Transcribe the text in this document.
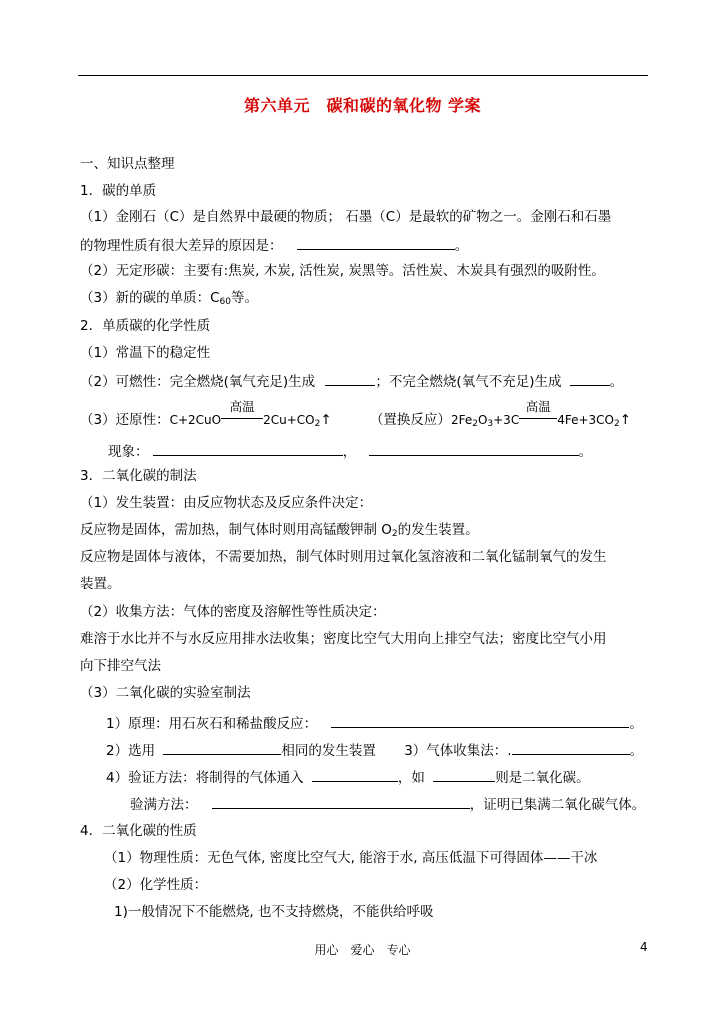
第六单元　碳和碳的氧化物 学案
一、知识点整理
1．碳的单质
（1）金刚石（C）是自然界中最硬的物质； 石墨（C）是最软的矿物之一。金刚石和石墨
的物理性质有很大差异的原因是：	。
（2）无定形碳：主要有:焦炭, 木炭, 活性炭, 炭黑等。活性炭、木炭具有强烈的吸附性。
（3）新的碳的单质：$C_{60}$等。
2．单质碳的化学性质
（1）常温下的稳定性
（2）可燃性：完全燃烧(氧气充足)生成	；不完全燃烧(氧气不充足)生成	。
（3）还原性：C+2CuO
高温
$2Cu+CO_2↑$	（置换反应）$2Fe_2O_3+3C$
高温
$4Fe+3CO_2↑$
现象：	，	。
3．二氧化碳的制法
（1）发生装置：由反应物状态及反应条件决定：
反应物是固体，需加热，制气体时则用高锰酸钾制 $O_2$的发生装置。
反应物是固体与液体，不需要加热，制气体时则用过氧化氢溶液和二氧化锰制氧气的发生
装置。
（2）收集方法：气体的密度及溶解性等性质决定：
难溶于水比并不与水反应用排水法收集；密度比空气大用向上排空气法；密度比空气小用
向下排空气法
（3）二氧化碳的实验室制法
1）原理：用石灰石和稀盐酸反应：	。
2）选用	相同的发生装置 3）气体收集法：.	。
4）验证方法：将制得的气体通入	，如	则是二氧化碳。
验满方法：	，证明已集满二氧化碳气体。
4．二氧化碳的性质
（1）物理性质：无色气体, 密度比空气大, 能溶于水, 高压低温下可得固体——干冰
（2）化学性质：
1)一般情况下不能燃烧, 也不支持燃烧，不能供给呼吸
用心　爱心　专心	4
